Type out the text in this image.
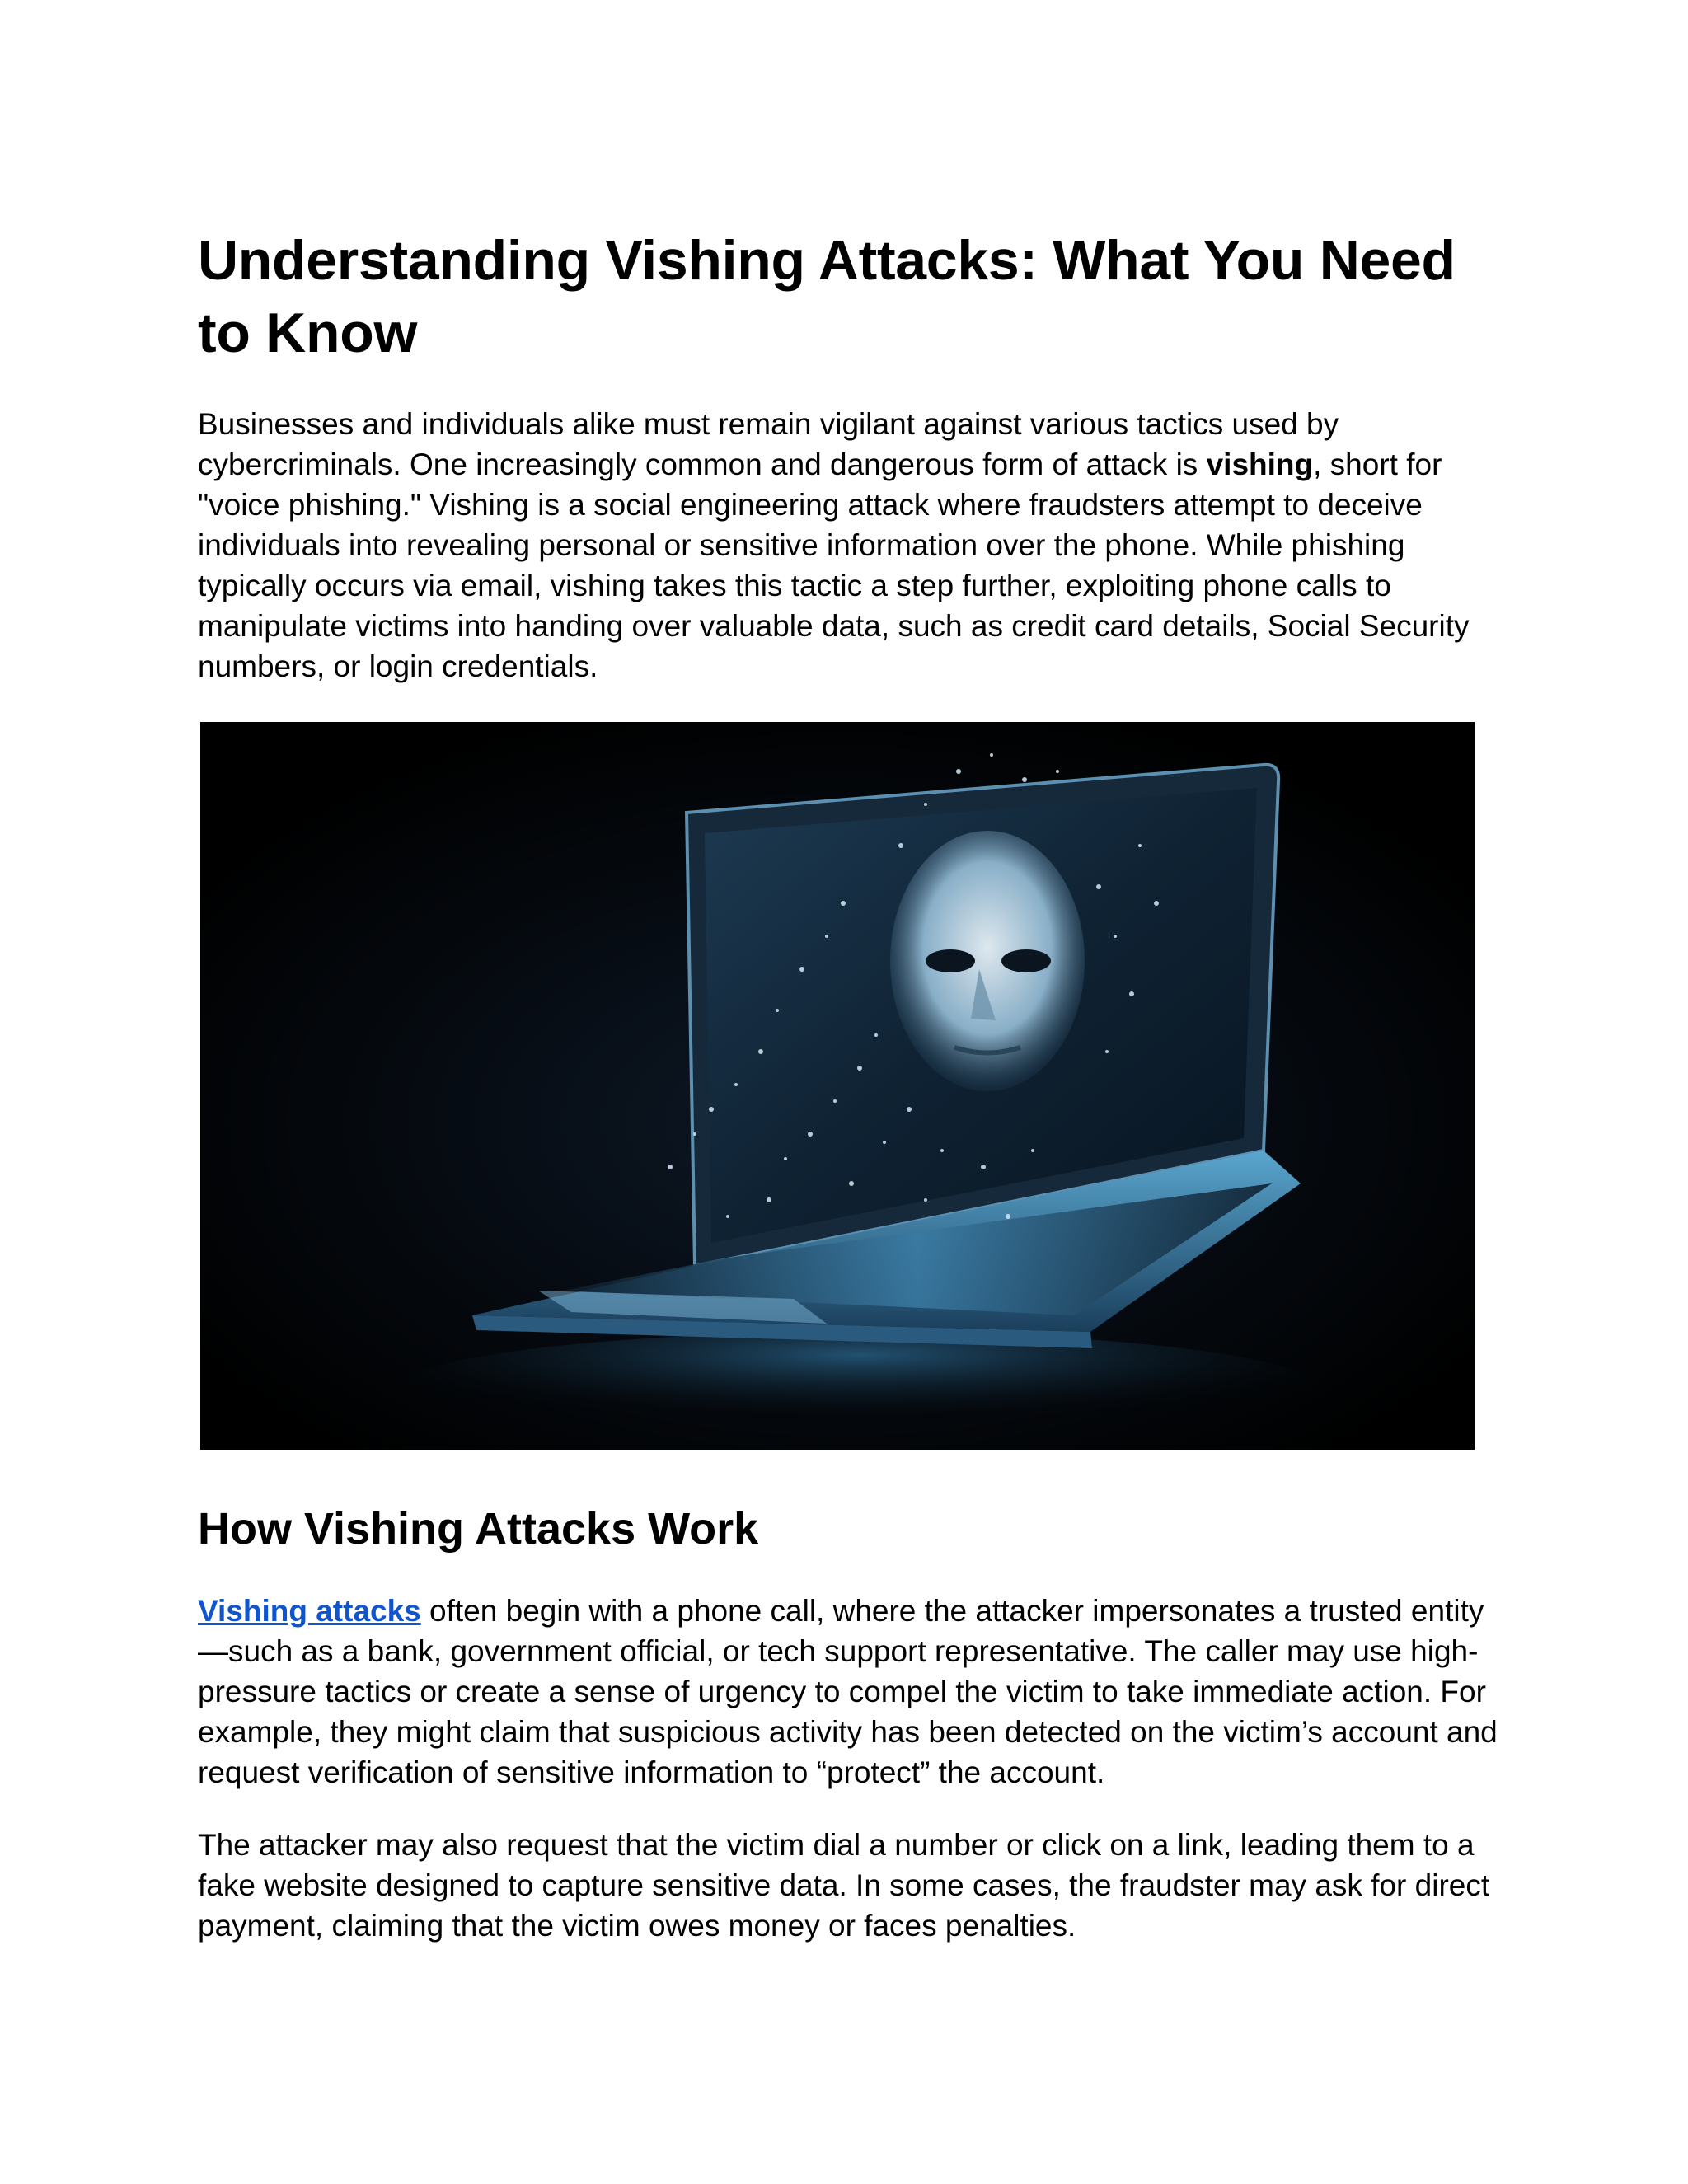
Understanding Vishing Attacks: What You Need to Know

Businesses and individuals alike must remain vigilant against various tactics used by cybercriminals. One increasingly common and dangerous form of attack is vishing, short for "voice phishing." Vishing is a social engineering attack where fraudsters attempt to deceive individuals into revealing personal or sensitive information over the phone. While phishing typically occurs via email, vishing takes this tactic a step further, exploiting phone calls to manipulate victims into handing over valuable data, such as credit card details, Social Security numbers, or login credentials.

How Vishing Attacks Work

Vishing attacks often begin with a phone call, where the attacker impersonates a trusted entity—such as a bank, government official, or tech support representative. The caller may use high-pressure tactics or create a sense of urgency to compel the victim to take immediate action. For example, they might claim that suspicious activity has been detected on the victim’s account and request verification of sensitive information to “protect” the account.

The attacker may also request that the victim dial a number or click on a link, leading them to a fake website designed to capture sensitive data. In some cases, the fraudster may ask for direct payment, claiming that the victim owes money or faces penalties.
